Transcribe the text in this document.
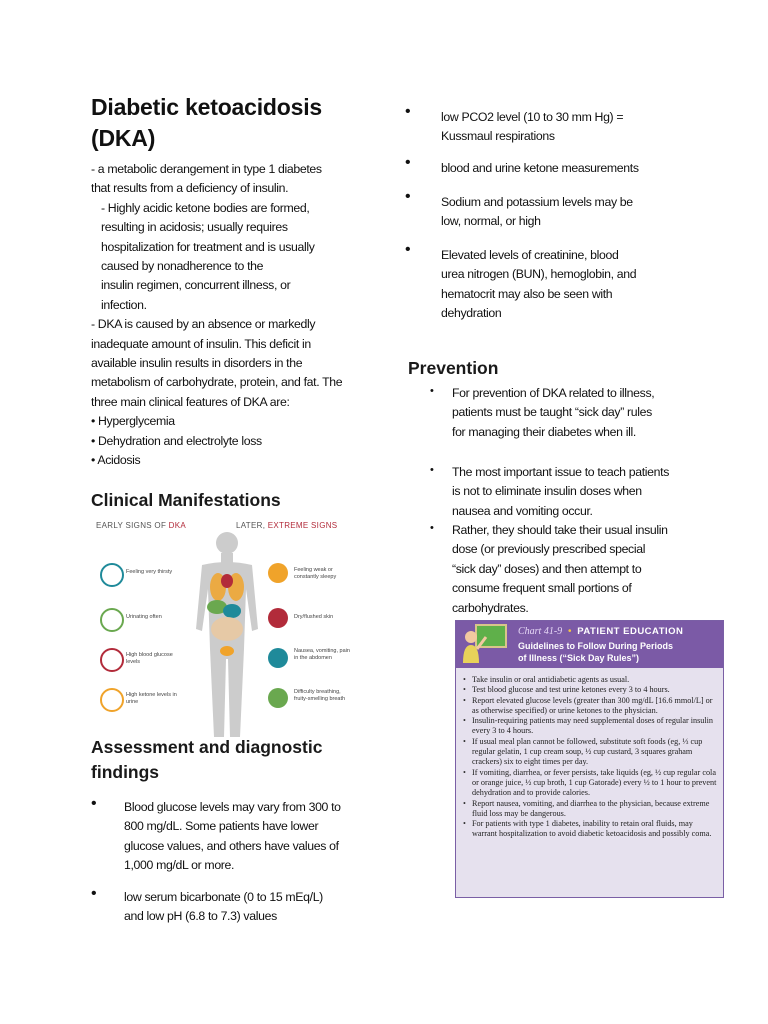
Diabetic ketoacidosis
(DKA)
- a metabolic derangement in type 1 diabetes
that results from a deficiency of insulin.
- Highly acidic ketone bodies are formed,
resulting in acidosis; usually requires
hospitalization for treatment and is usually
caused by nonadherence to the
insulin regimen, concurrent illness, or
infection.
- DKA is caused by an absence or markedly
inadequate amount of insulin. This deficit in
available insulin results in disorders in the
metabolism of carbohydrate, protein, and fat. The
three main clinical features of DKA are:
• Hyperglycemia
• Dehydration and electrolyte loss
• Acidosis
Clinical Manifestations
EARLY SIGNS OF DKA	LATER, EXTREME SIGNS
Feeling very thirsty
Urinating often
High blood glucose levels
High ketone levels in urine
Feeling weak or constantly sleepy
Dry/flushed skin
Nausea, vomiting, pain in the abdomen
Difficulty breathing, fruity-smelling breath
Assessment and diagnostic
findings
• Blood glucose levels may vary from 300 to
800 mg/dL. Some patients have lower
glucose values, and others have values of
1,000 mg/dL or more.
• low serum bicarbonate (0 to 15 mEq/L)
and low pH (6.8 to 7.3) values
• low PCO2 level (10 to 30 mm Hg) =
Kussmaul respirations
• blood and urine ketone measurements
• Sodium and potassium levels may be
low, normal, or high
• Elevated levels of creatinine, blood
urea nitrogen (BUN), hemoglobin, and
hematocrit may also be seen with
dehydration
Prevention
• For prevention of DKA related to illness,
patients must be taught “sick day” rules
for managing their diabetes when ill.
• The most important issue to teach patients
is not to eliminate insulin doses when
nausea and vomiting occur.
• Rather, they should take their usual insulin
dose (or previously prescribed special
“sick day” doses) and then attempt to
consume frequent small portions of
carbohydrates.
Chart 41-9 • PATIENT EDUCATION
Guidelines to Follow During Periods
of Illness (“Sick Day Rules”)
• Take insulin or oral antidiabetic agents as usual.
• Test blood glucose and test urine ketones every 3 to 4 hours.
• Report elevated glucose levels (greater than 300 mg/dL [16.6 mmol/L] or as otherwise specified) or urine ketones to the physician.
• Insulin-requiring patients may need supplemental doses of regular insulin every 3 to 4 hours.
• If usual meal plan cannot be followed, substitute soft foods (eg, ⅓ cup regular gelatin, 1 cup cream soup, ½ cup custard, 3 squares graham crackers) six to eight times per day.
• If vomiting, diarrhea, or fever persists, take liquids (eg, ½ cup regular cola or orange juice, ½ cup broth, 1 cup Gatorade) every ½ to 1 hour to prevent dehydration and to provide calories.
• Report nausea, vomiting, and diarrhea to the physician, because extreme fluid loss may be dangerous.
• For patients with type 1 diabetes, inability to retain oral fluids, may warrant hospitalization to avoid diabetic ketoacidosis and possibly coma.
